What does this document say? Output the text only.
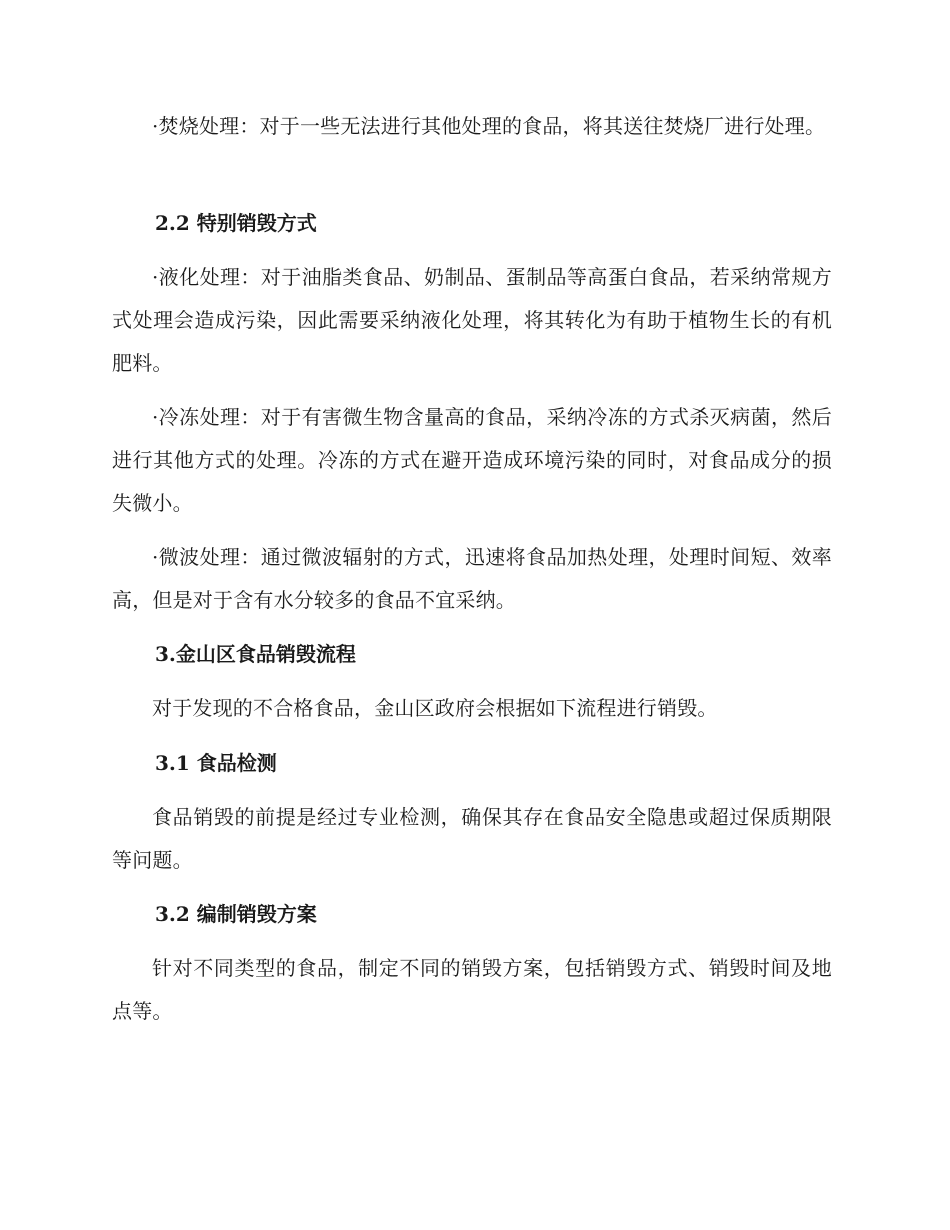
·焚烧处理：对于一些无法进行其他处理的食品，将其送往焚烧厂进行处理。

2.2 特别销毁方式

·液化处理：对于油脂类食品、奶制品、蛋制品等高蛋白食品，若采纳常规方式处理会造成污染，因此需要采纳液化处理，将其转化为有助于植物生长的有机肥料。

·冷冻处理：对于有害微生物含量高的食品，采纳冷冻的方式杀灭病菌，然后进行其他方式的处理。冷冻的方式在避开造成环境污染的同时，对食品成分的损失微小。

·微波处理：通过微波辐射的方式，迅速将食品加热处理，处理时间短、效率高，但是对于含有水分较多的食品不宜采纳。

3.金山区食品销毁流程

对于发现的不合格食品，金山区政府会根据如下流程进行销毁。

3.1 食品检测

食品销毁的前提是经过专业检测，确保其存在食品安全隐患或超过保质期限等问题。

3.2 编制销毁方案

针对不同类型的食品，制定不同的销毁方案，包括销毁方式、销毁时间及地点等。
